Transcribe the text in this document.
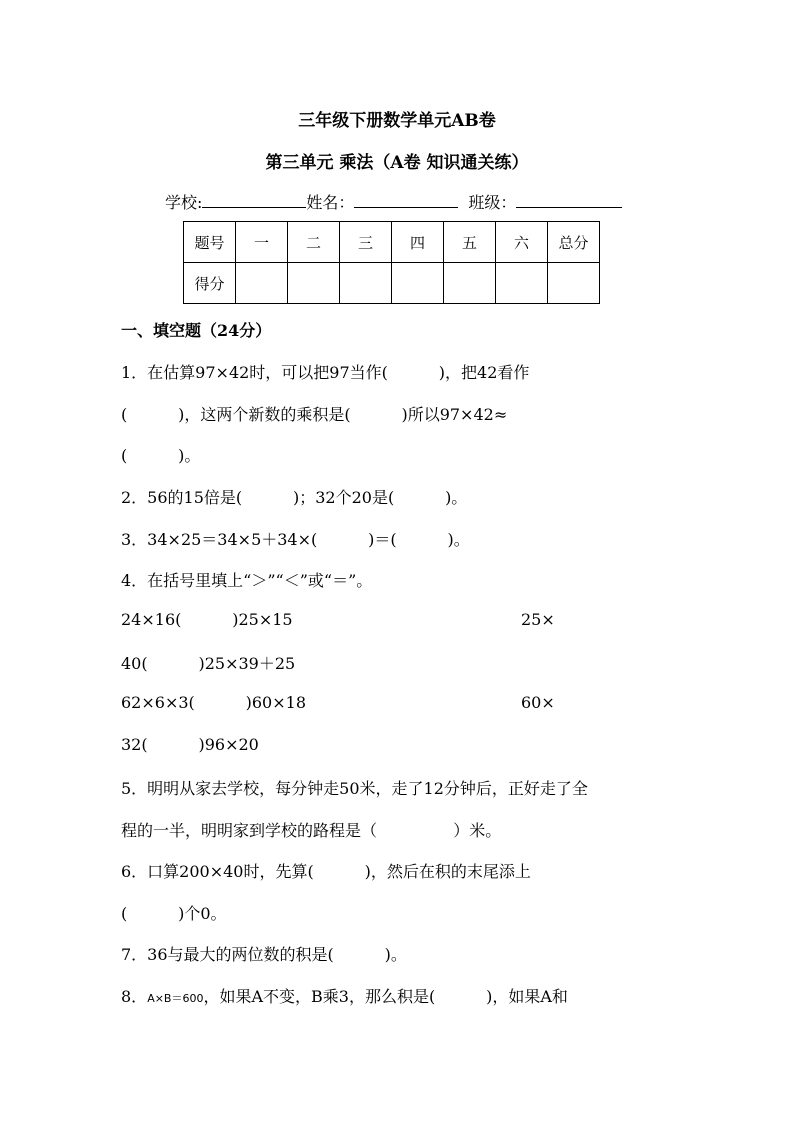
三年级下册数学单元AB卷
第三单元 乘法（A卷 知识通关练）
学校:	姓名：	班级：
题号	一	二	三	四	五	六	总分
得分							
一、填空题（24分）
1．在估算97×42时，可以把97当作(          )，把42看作
(          )，这两个新数的乘积是(          )所以97×42≈
(          )。
2．56的15倍是(          )；32个20是(          )。
3．34×25＝34×5＋34×(          )＝(          )。
4．在括号里填上“＞”“＜”或“＝”。
24×16(          )25×15	25×
40(          )25×39＋25
62×6×3(          )60×18	60×
32(          )96×20
5．明明从家去学校，每分钟走50米，走了12分钟后，正好走了全
程的一半，明明家到学校的路程是（               ）米。
6．口算200×40时，先算(          )，然后在积的末尾添上
(          )个0。
7．36与最大的两位数的积是(          )。
8．A×B＝600，如果A不变，B乘3，那么积是(          )，如果A和
